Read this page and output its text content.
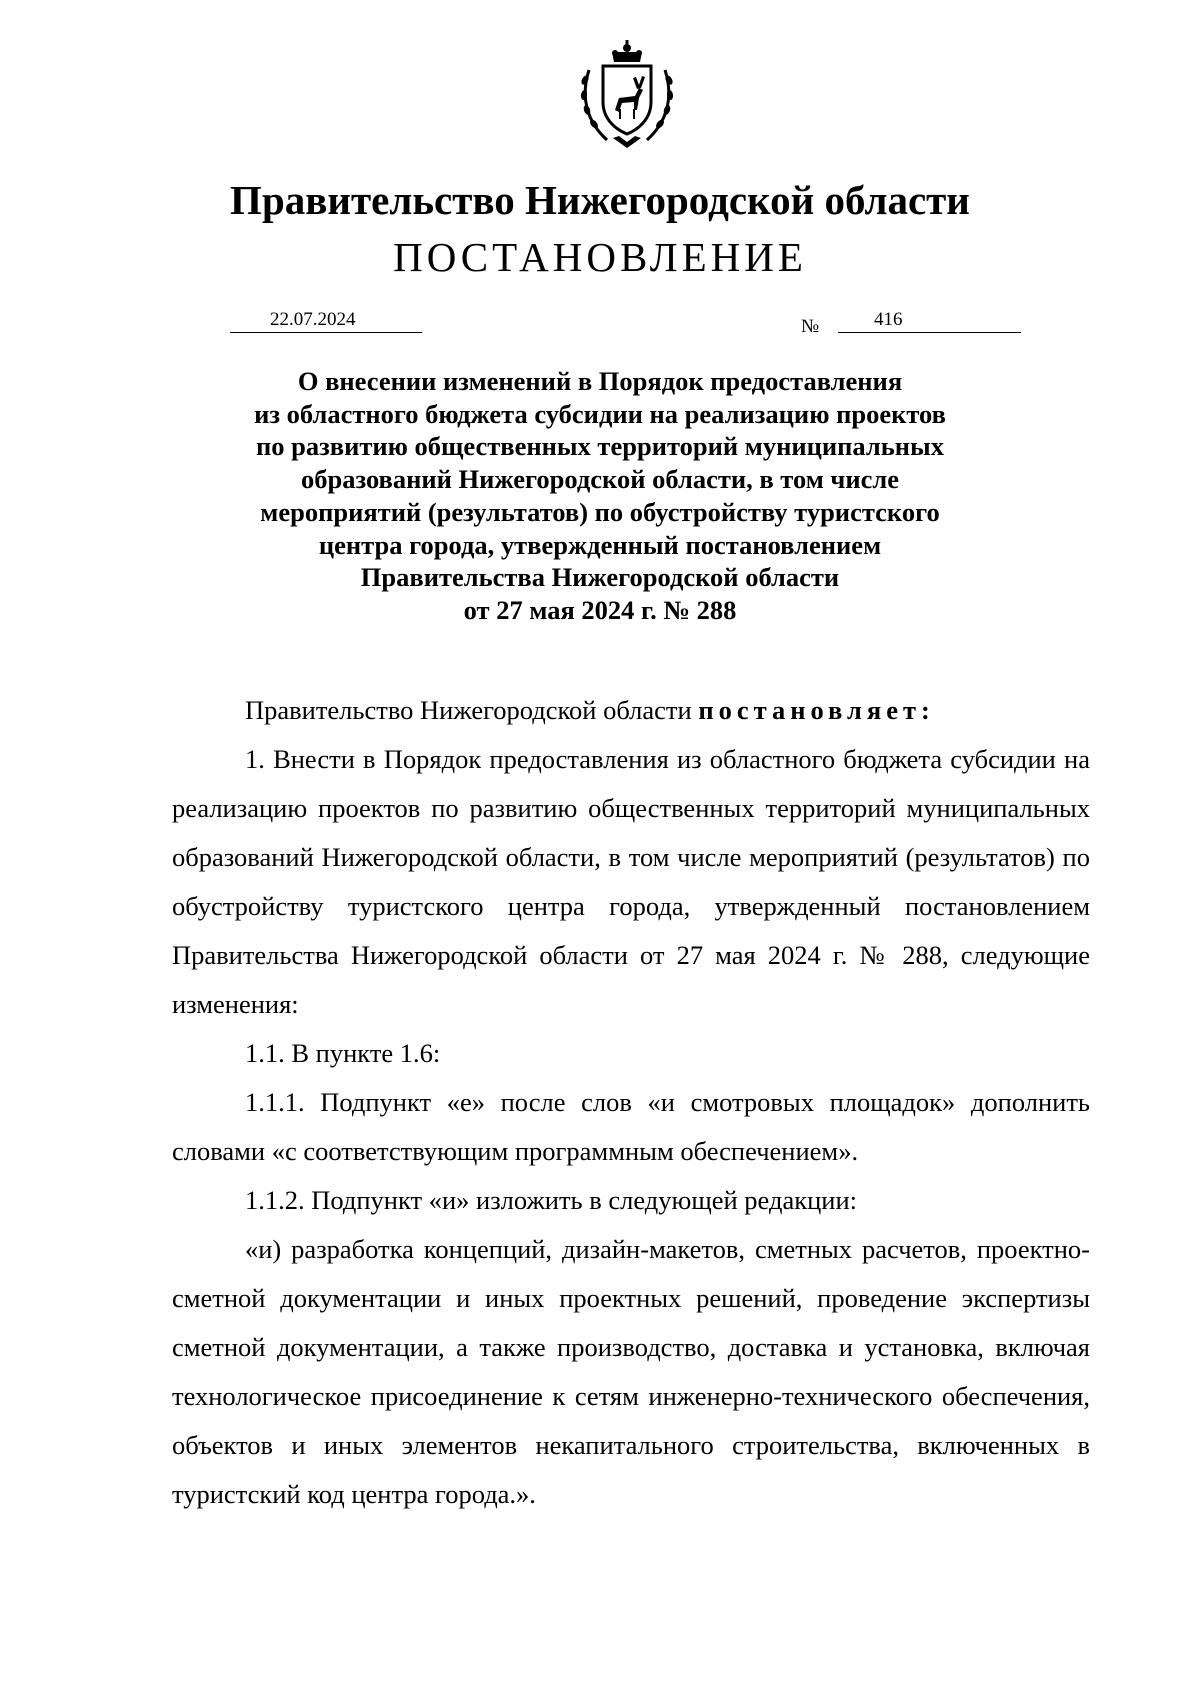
Правительство Нижегородской области
ПОСТАНОВЛЕНИЕ
22.07.2024	№	416
О внесении изменений в Порядок предоставления
из областного бюджета субсидии на реализацию проектов
по развитию общественных территорий муниципальных
образований Нижегородской области, в том числе
мероприятий (результатов) по обустройству туристского
центра города, утвержденный постановлением
Правительства Нижегородской области
от 27 мая 2024 г. № 288

Правительство Нижегородской области постановляет:

1. Внести в Порядок предоставления из областного бюджета субсидии на реализацию проектов по развитию общественных территорий муниципальных образований Нижегородской области, в том числе мероприятий (результатов) по обустройству туристского центра города, утвержденный постановлением Правительства Нижегородской области от 27 мая 2024 г. № 288, следующие изменения:

1.1. В пункте 1.6:

1.1.1. Подпункт «е» после слов «и смотровых площадок» дополнить словами «с соответствующим программным обеспечением».

1.1.2. Подпункт «и» изложить в следующей редакции:

«и) разработка концепций, дизайн-макетов, сметных расчетов, проектно-сметной документации и иных проектных решений, проведение экспертизы сметной документации, а также производство, доставка и установка, включая технологическое присоединение к сетям инженерно-технического обеспечения, объектов и иных элементов некапитального строительства, включенных в туристский код центра города.».
